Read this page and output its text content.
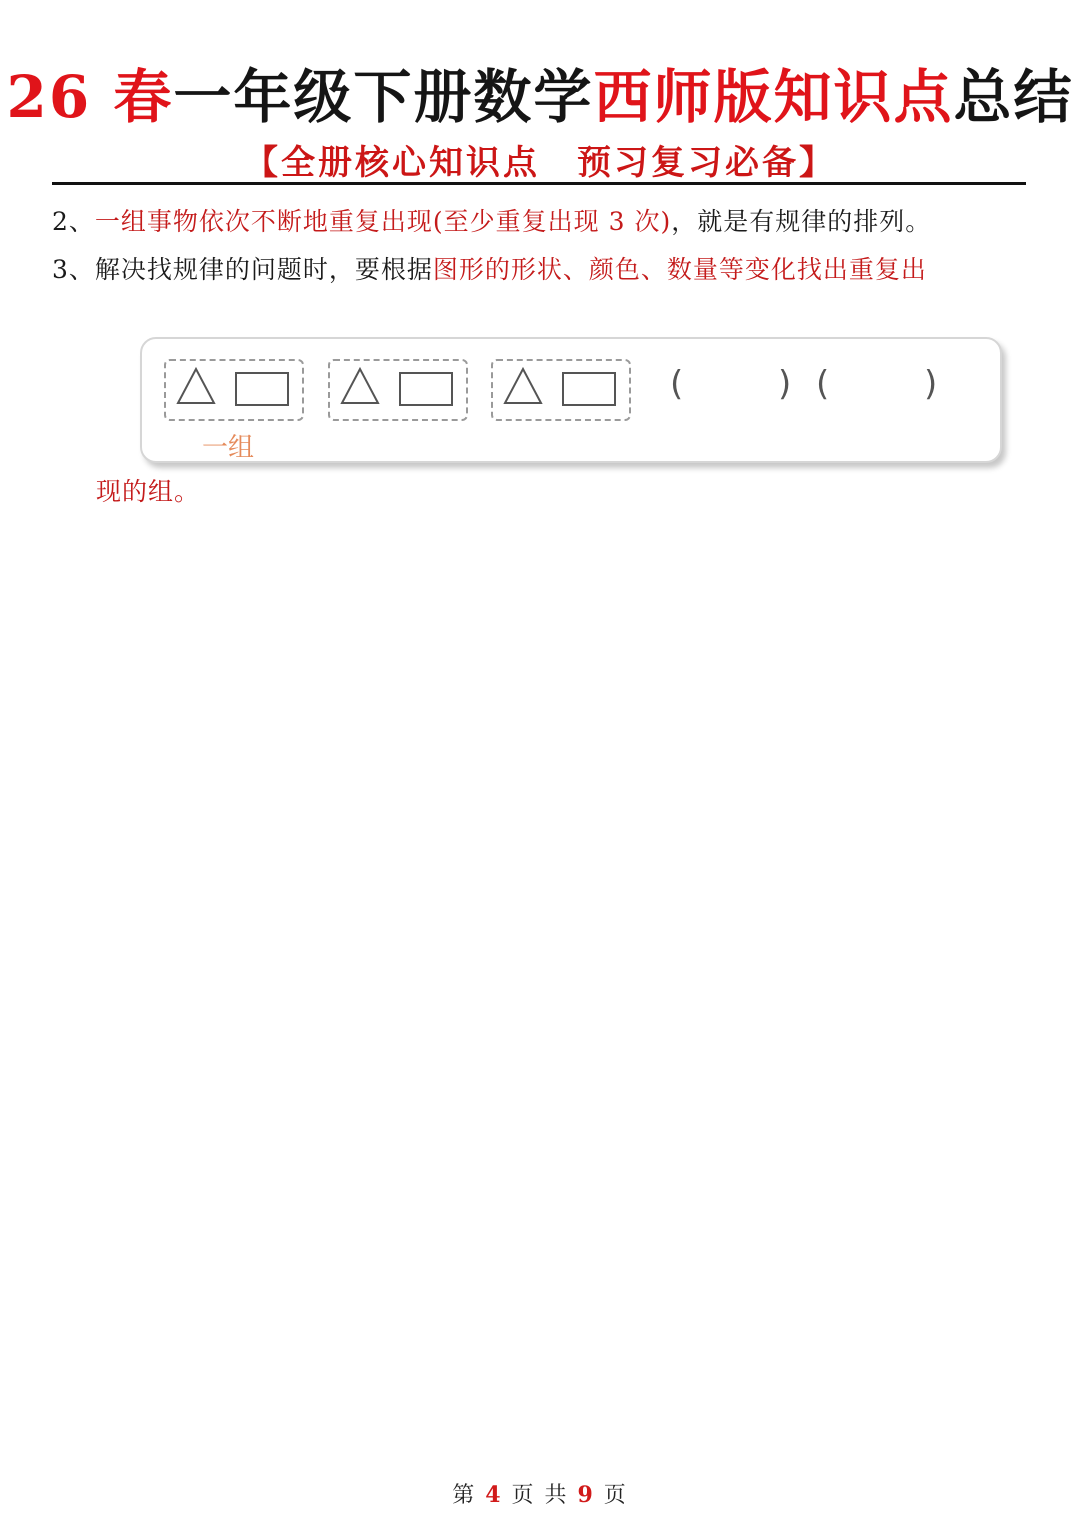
26 春 一年级下册数学 西师版知识点 总结
【全册核心知识点　预习复习必备】
2、一组事物依次不断地重复出现(至少重复出现 3 次)，就是有规律的排列。
3、解决找规律的问题时，要根据图形的形状、颜色、数量等变化找出重复出
(	) (	)
一组
现的组。
第 4 页 共 9 页
